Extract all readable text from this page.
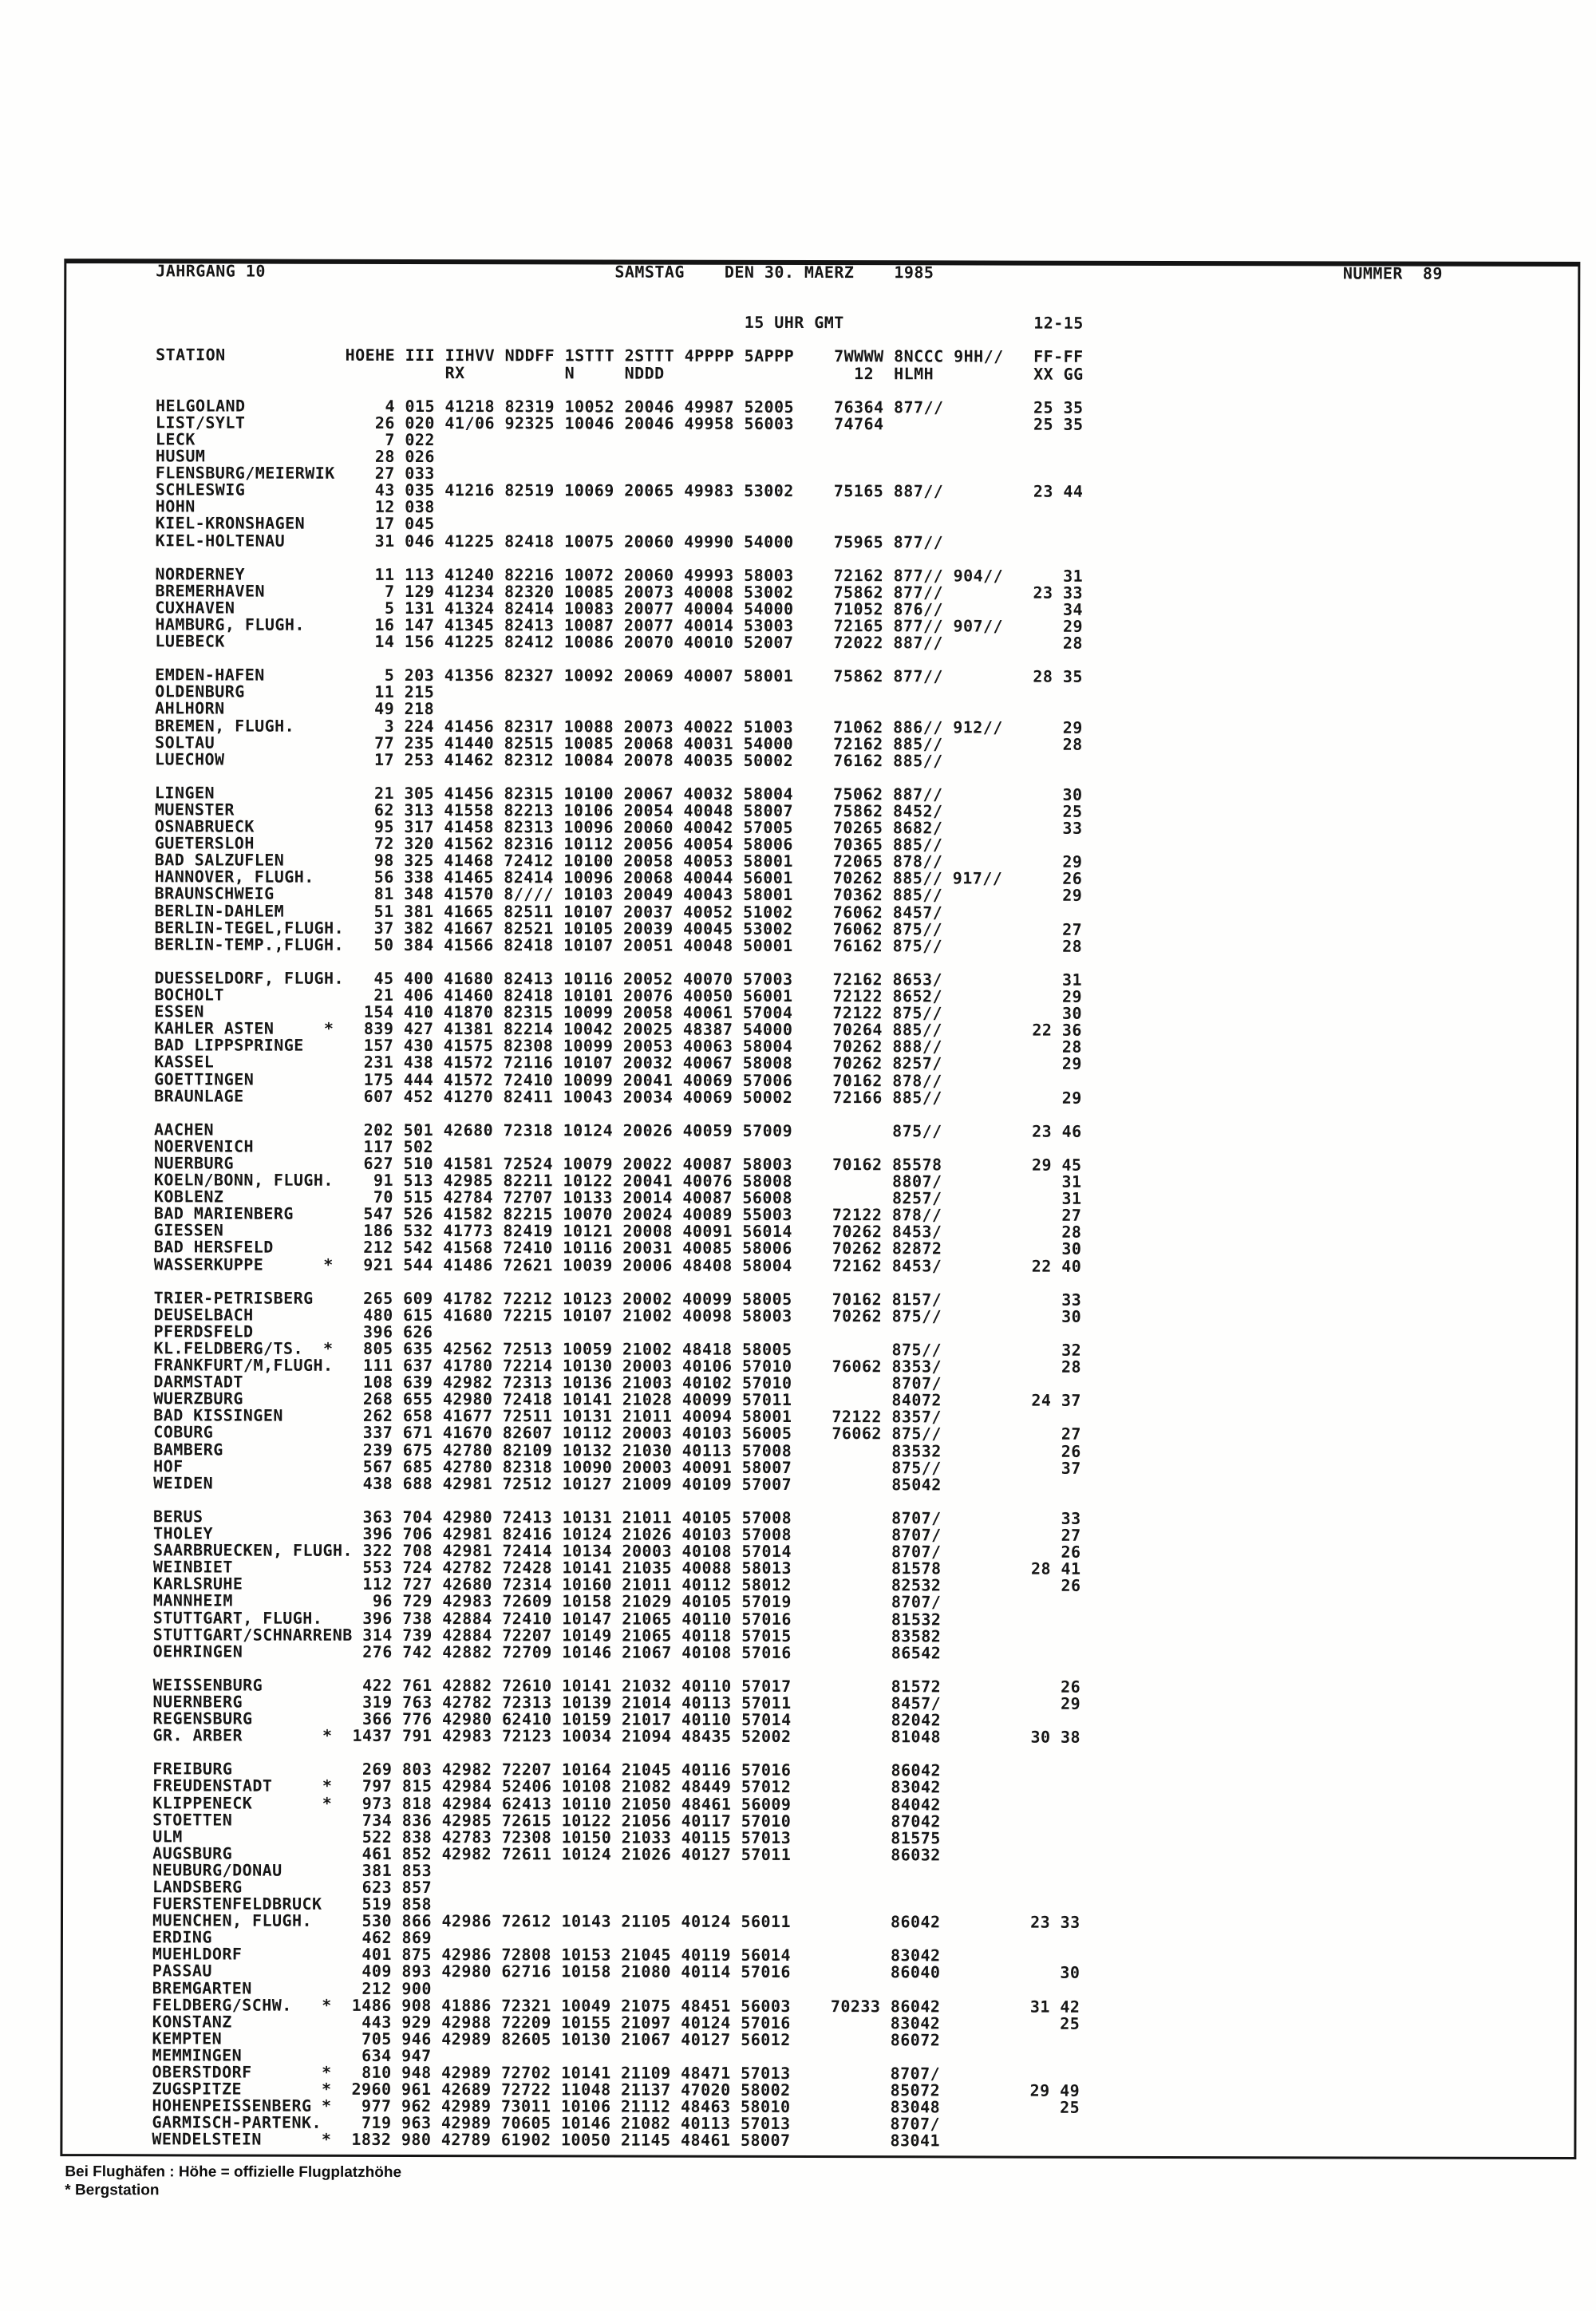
JAHRGANG 10                                   SAMSTAG    DEN 30. MAERZ    1985                                         NUMMER  89

15 UHR GMT                   12-15

STATION            HOEHE III IIHVV NDDFF 1STTT 2STTT 4PPPP 5APPP    7WWWW 8NCCC 9HH//   FF-FF
RX          N     NDDD                   12  HLMH          XX GG

HELGOLAND              4 015 41218 82319 10052 20046 49987 52005    76364 877//         25 35
LIST/SYLT             26 020 41/06 92325 10046 20046 49958 56003    74764               25 35
LECK                   7 022
HUSUM                 28 026
FLENSBURG/MEIERWIK    27 033
SCHLESWIG             43 035 41216 82519 10069 20065 49983 53002    75165 887//         23 44
HOHN                  12 038
KIEL-KRONSHAGEN       17 045
KIEL-HOLTENAU         31 046 41225 82418 10075 20060 49990 54000    75965 877//

NORDERNEY             11 113 41240 82216 10072 20060 49993 58003    72162 877// 904//      31
BREMERHAVEN            7 129 41234 82320 10085 20073 40008 53002    75862 877//         23 33
CUXHAVEN               5 131 41324 82414 10083 20077 40004 54000    71052 876//            34
HAMBURG, FLUGH.       16 147 41345 82413 10087 20077 40014 53003    72165 877// 907//      29
LUEBECK               14 156 41225 82412 10086 20070 40010 52007    72022 887//            28

EMDEN-HAFEN            5 203 41356 82327 10092 20069 40007 58001    75862 877//         28 35
OLDENBURG             11 215
AHLHORN               49 218
BREMEN, FLUGH.         3 224 41456 82317 10088 20073 40022 51003    71062 886// 912//      29
SOLTAU                77 235 41440 82515 10085 20068 40031 54000    72162 885//            28
LUECHOW               17 253 41462 82312 10084 20078 40035 50002    76162 885//

LINGEN                21 305 41456 82315 10100 20067 40032 58004    75062 887//            30
MUENSTER              62 313 41558 82213 10106 20054 40048 58007    75862 8452/            25
OSNABRUECK            95 317 41458 82313 10096 20060 40042 57005    70265 8682/            33
GUETERSLOH            72 320 41562 82316 10112 20056 40054 58006    70365 885//
BAD SALZUFLEN         98 325 41468 72412 10100 20058 40053 58001    72065 878//            29
HANNOVER, FLUGH.      56 338 41465 82414 10096 20068 40044 56001    70262 885// 917//      26
BRAUNSCHWEIG          81 348 41570 8//// 10103 20049 40043 58001    70362 885//            29
BERLIN-DAHLEM         51 381 41665 82511 10107 20037 40052 51002    76062 8457/
BERLIN-TEGEL,FLUGH.   37 382 41667 82521 10105 20039 40045 53002    76062 875//            27
BERLIN-TEMP.,FLUGH.   50 384 41566 82418 10107 20051 40048 50001    76162 875//            28

DUESSELDORF, FLUGH.   45 400 41680 82413 10116 20052 40070 57003    72162 8653/            31
BOCHOLT               21 406 41460 82418 10101 20076 40050 56001    72122 8652/            29
ESSEN                154 410 41870 82315 10099 20058 40061 57004    72122 875//            30
KAHLER ASTEN     *   839 427 41381 82214 10042 20025 48387 54000    70264 885//         22 36
BAD LIPPSPRINGE      157 430 41575 82308 10099 20053 40063 58004    70262 888//            28
KASSEL               231 438 41572 72116 10107 20032 40067 58008    70262 8257/            29
GOETTINGEN           175 444 41572 72410 10099 20041 40069 57006    70162 878//
BRAUNLAGE            607 452 41270 82411 10043 20034 40069 50002    72166 885//            29

AACHEN               202 501 42680 72318 10124 20026 40059 57009          875//         23 46
NOERVENICH           117 502
NUERBURG             627 510 41581 72524 10079 20022 40087 58003    70162 85578         29 45
KOELN/BONN, FLUGH.    91 513 42985 82211 10122 20041 40076 58008          8807/            31
KOBLENZ               70 515 42784 72707 10133 20014 40087 56008          8257/            31
BAD MARIENBERG       547 526 41582 82215 10070 20024 40089 55003    72122 878//            27
GIESSEN              186 532 41773 82419 10121 20008 40091 56014    70262 8453/            28
BAD HERSFELD         212 542 41568 72410 10116 20031 40085 58006    70262 82872            30
WASSERKUPPE      *   921 544 41486 72621 10039 20006 48408 58004    72162 8453/         22 40

TRIER-PETRISBERG     265 609 41782 72212 10123 20002 40099 58005    70162 8157/            33
DEUSELBACH           480 615 41680 72215 10107 21002 40098 58003    70262 875//            30
PFERDSFELD           396 626
KL.FELDBERG/TS.  *   805 635 42562 72513 10059 21002 48418 58005          875//            32
FRANKFURT/M,FLUGH.   111 637 41780 72214 10130 20003 40106 57010    76062 8353/            28
DARMSTADT            108 639 42982 72313 10136 21003 40102 57010          8707/
WUERZBURG            268 655 42980 72418 10141 21028 40099 57011          84072         24 37
BAD KISSINGEN        262 658 41677 72511 10131 21011 40094 58001    72122 8357/
COBURG               337 671 41670 82607 10112 20003 40103 56005    76062 875//            27
BAMBERG              239 675 42780 82109 10132 21030 40113 57008          83532            26
HOF                  567 685 42780 82318 10090 20003 40091 58007          875//            37
WEIDEN               438 688 42981 72512 10127 21009 40109 57007          85042

BERUS                363 704 42980 72413 10131 21011 40105 57008          8707/            33
THOLEY               396 706 42981 82416 10124 21026 40103 57008          8707/            27
SAARBRUECKEN, FLUGH. 322 708 42981 72414 10134 20003 40108 57014          8707/            26
WEINBIET             553 724 42782 72428 10141 21035 40088 58013          81578         28 41
KARLSRUHE            112 727 42680 72314 10160 21011 40112 58012          82532            26
MANNHEIM              96 729 42983 72609 10158 21029 40105 57019          8707/
STUTTGART, FLUGH.    396 738 42884 72410 10147 21065 40110 57016          81532
STUTTGART/SCHNARRENB 314 739 42884 72207 10149 21065 40118 57015          83582
OEHRINGEN            276 742 42882 72709 10146 21067 40108 57016          86542

WEISSENBURG          422 761 42882 72610 10141 21032 40110 57017          81572            26
NUERNBERG            319 763 42782 72313 10139 21014 40113 57011          8457/            29
REGENSBURG           366 776 42980 62410 10159 21017 40110 57014          82042
GR. ARBER        *  1437 791 42983 72123 10034 21094 48435 52002          81048         30 38

FREIBURG             269 803 42982 72207 10164 21045 40116 57016          86042
FREUDENSTADT     *   797 815 42984 52406 10108 21082 48449 57012          83042
KLIPPENECK       *   973 818 42984 62413 10110 21050 48461 56009          84042
STOETTEN             734 836 42985 72615 10122 21056 40117 57010          87042
ULM                  522 838 42783 72308 10150 21033 40115 57013          81575
AUGSBURG             461 852 42982 72611 10124 21026 40127 57011          86032
NEUBURG/DONAU        381 853
LANDSBERG            623 857
FUERSTENFELDBRUCK    519 858
MUENCHEN, FLUGH.     530 866 42986 72612 10143 21105 40124 56011          86042         23 33
ERDING               462 869
MUEHLDORF            401 875 42986 72808 10153 21045 40119 56014          83042
PASSAU               409 893 42980 62716 10158 21080 40114 57016          86040            30
BREMGARTEN           212 900
FELDBERG/SCHW.   *  1486 908 41886 72321 10049 21075 48451 56003    70233 86042         31 42
KONSTANZ             443 929 42988 72209 10155 21097 40124 57016          83042            25
KEMPTEN              705 946 42989 82605 10130 21067 40127 56012          86072
MEMMINGEN            634 947
OBERSTDORF       *   810 948 42989 72702 10141 21109 48471 57013          8707/
ZUGSPITZE        *  2960 961 42689 72722 11048 21137 47020 58002          85072         29 49
HOHENPEISSENBERG *   977 962 42989 73011 10106 21112 48463 58010          83048            25
GARMISCH-PARTENK.    719 963 42989 70605 10146 21082 40113 57013          8707/
WENDELSTEIN      *  1832 980 42789 61902 10050 21145 48461 58007          83041
Bei Flughäfen : Höhe = offizielle Flugplatzhöhe
* Bergstation
